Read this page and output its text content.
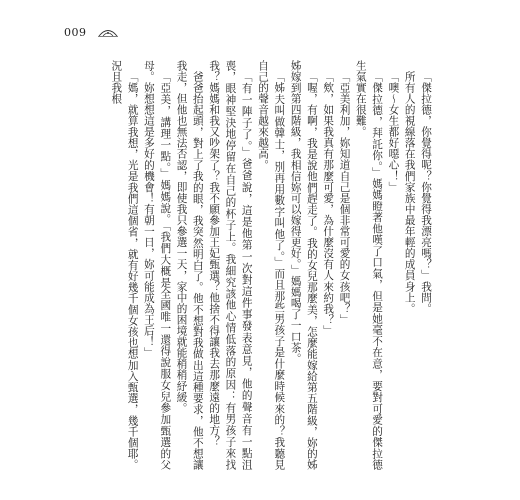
009

「傑拉德，你覺得呢？你覺得我漂亮嗎？」我問。

所有人的視線落在我們家族中最年輕的成員身上。

「噢～女生都好噁心！」

「傑拉德，拜託你。」媽媽瞪著他嘆了口氣，但是她毫不在意，要對可愛的傑拉德生氣實在很難。

「亞美利加，妳知道自己是個非常可愛的女孩吧？」

「欸，如果我真有那麼可愛，為什麼沒有人來約我？」

「喔，有啊，我是說他們趕走了。我的女兒那麼美，怎麼能嫁給第五階級，妳的姊姊嫁到第四階級，我相信妳可以嫁得更好。」媽媽喝了一口茶。

「姊夫叫做韓士，別再用數字叫他了。」而且那些男孩子是什麼時候來的？我聽見自己的聲音越來越高。

「有一陣子了。」爸爸說，這是他第一次對這件事發表意見，他的聲音有一點沮喪，眼神堅決地停留在自己的杯子上。我細究該他心情低落的原因：有男孩子來找我？媽媽和我又吵架了？我不願參加王妃甄選？他捨不得讓我去那麼遠的地方？

爸爸抬起頭，對上了我的眼，我突然明白了。他不想對我做出這種要求，他不想讓我走，但他也無法否認，即使我只參選一天，家中的困境就能稍稍紓緩。

「亞美，講理一點。」媽媽說。「我們大概是全國唯一還得說服女兒參加甄選的父母。妳想想這是多好的機會！有朝一日，妳可能成為王后！」

「媽，就算我想，光是我們這個省，就有好幾千個女孩也想加入甄選，幾千個耶。況且我根
